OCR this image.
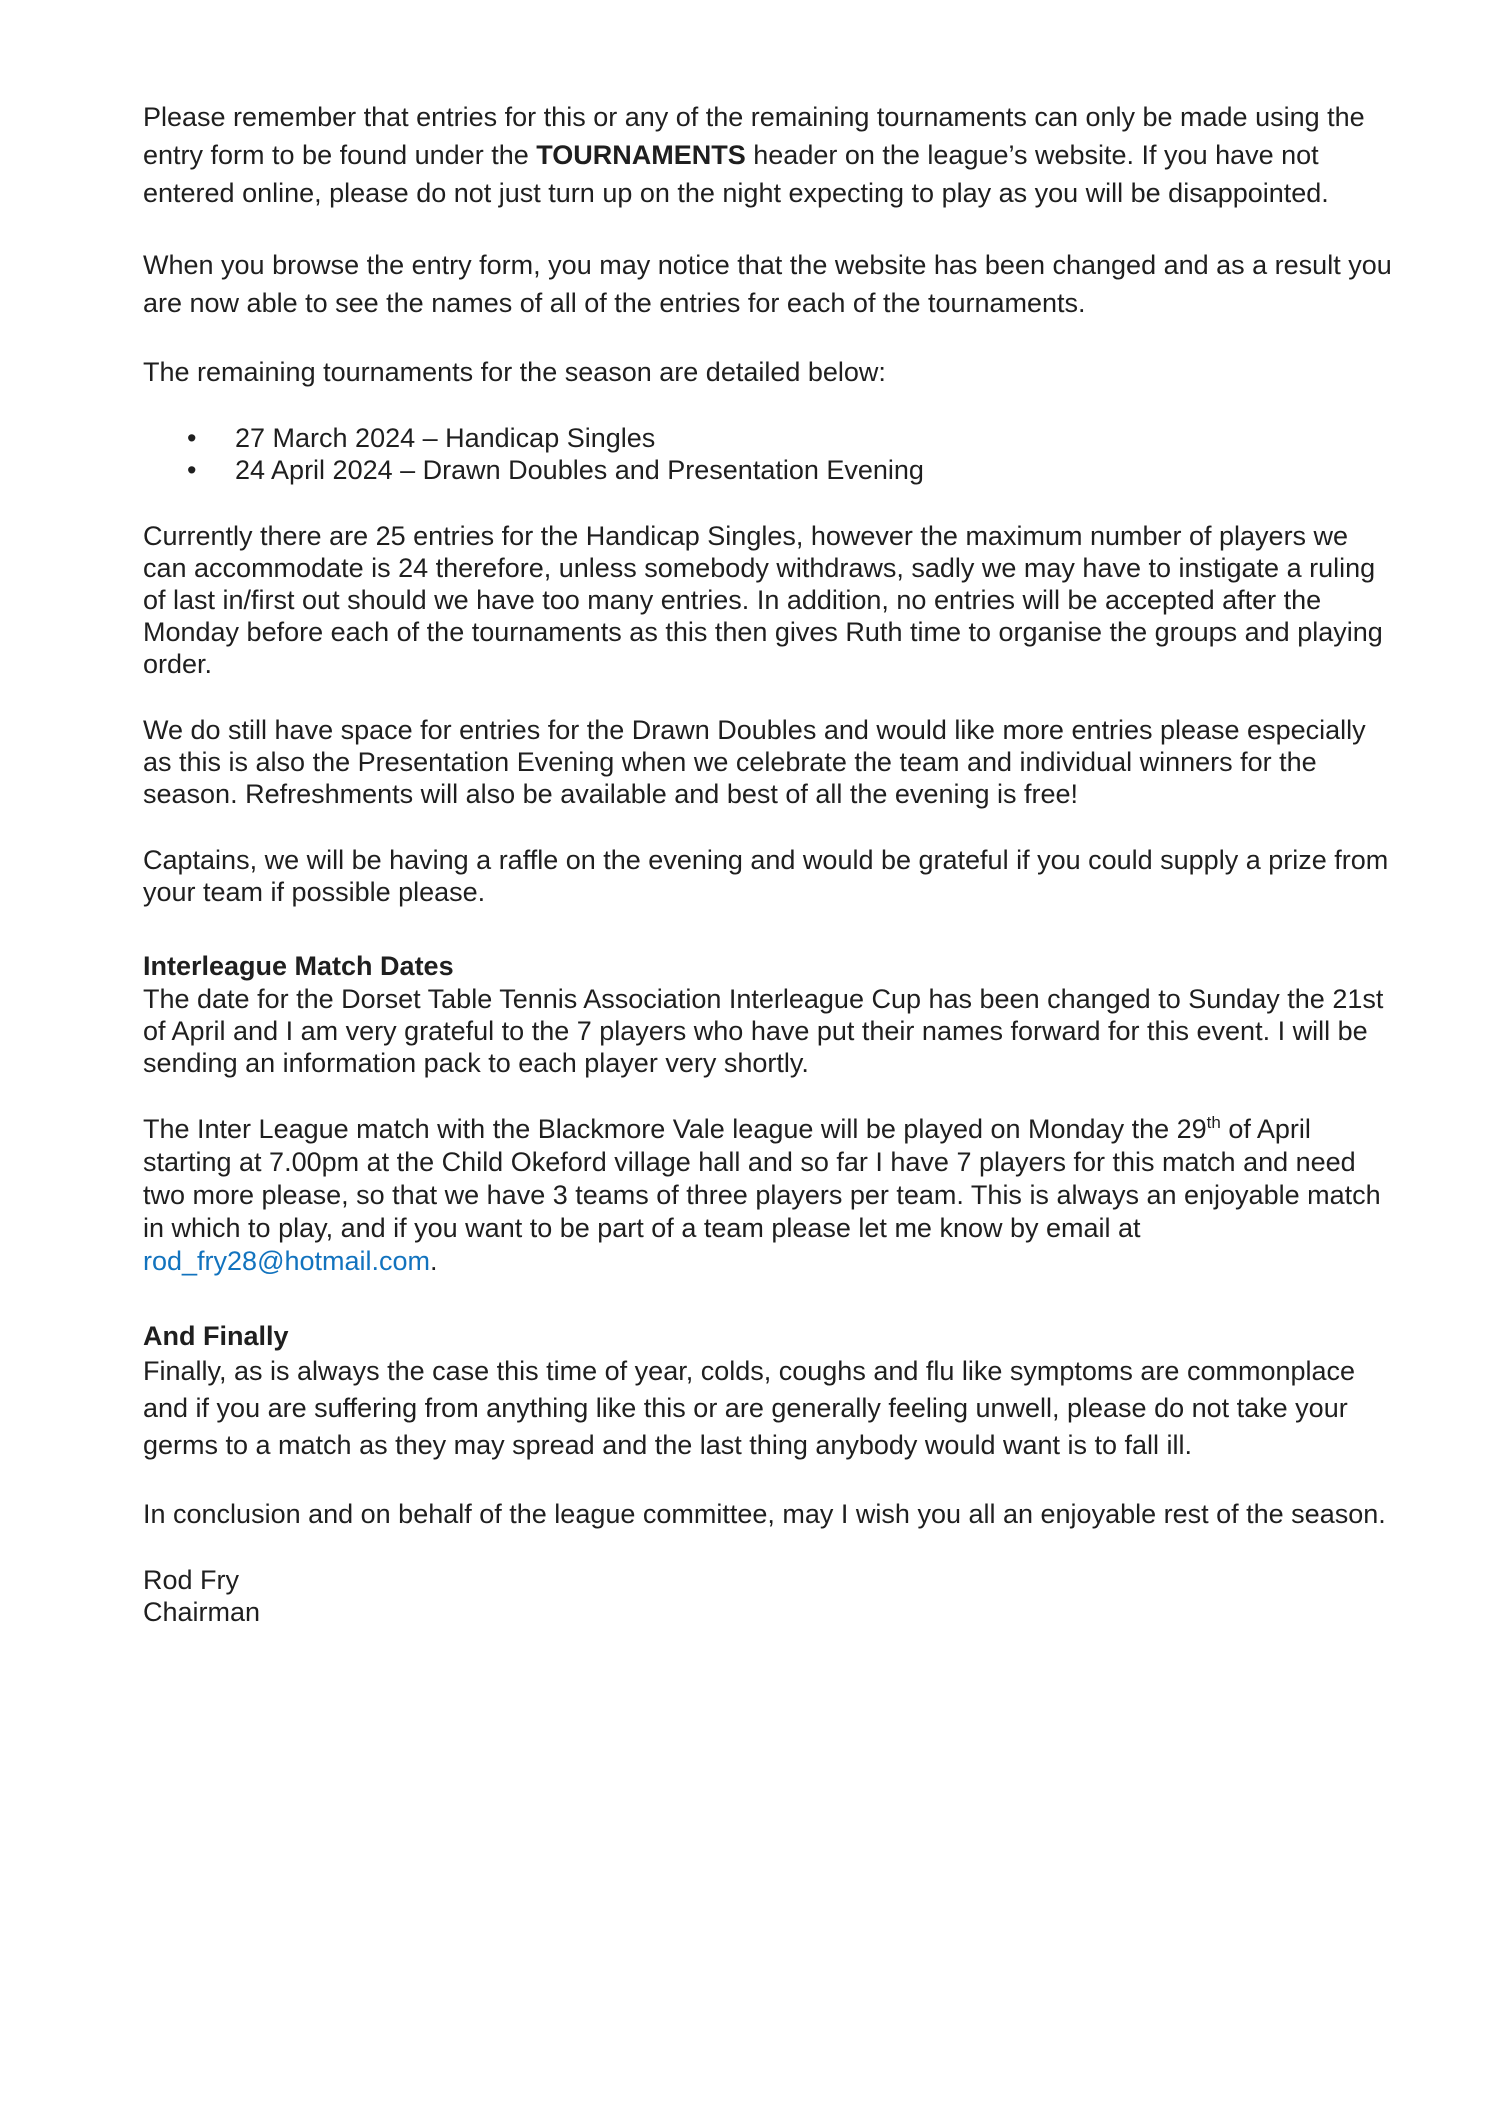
Please remember that entries for this or any of the remaining tournaments can only be made using the entry form to be found under the TOURNAMENTS header on the league’s website. If you have not entered online, please do not just turn up on the night expecting to play as you will be disappointed.

When you browse the entry form, you may notice that the website has been changed and as a result you are now able to see the names of all of the entries for each of the tournaments.

The remaining tournaments for the season are detailed below:

• 27 March 2024 – Handicap Singles
• 24 April 2024 – Drawn Doubles and Presentation Evening

Currently there are 25 entries for the Handicap Singles, however the maximum number of players we can accommodate is 24 therefore, unless somebody withdraws, sadly we may have to instigate a ruling of last in/first out should we have too many entries. In addition, no entries will be accepted after the Monday before each of the tournaments as this then gives Ruth time to organise the groups and playing order.

We do still have space for entries for the Drawn Doubles and would like more entries please especially as this is also the Presentation Evening when we celebrate the team and individual winners for the season. Refreshments will also be available and best of all the evening is free!

Captains, we will be having a raffle on the evening and would be grateful if you could supply a prize from your team if possible please.

Interleague Match Dates

The date for the Dorset Table Tennis Association Interleague Cup has been changed to Sunday the 21st of April and I am very grateful to the 7 players who have put their names forward for this event. I will be sending an information pack to each player very shortly.

The Inter League match with the Blackmore Vale league will be played on Monday the 29th of April starting at 7.00pm at the Child Okeford village hall and so far I have 7 players for this match and need two more please, so that we have 3 teams of three players per team. This is always an enjoyable match in which to play, and if you want to be part of a team please let me know by email at rod_fry28@hotmail.com.

And Finally

Finally, as is always the case this time of year, colds, coughs and flu like symptoms are commonplace and if you are suffering from anything like this or are generally feeling unwell, please do not take your germs to a match as they may spread and the last thing anybody would want is to fall ill.

In conclusion and on behalf of the league committee, may I wish you all an enjoyable rest of the season.

Rod Fry
Chairman
